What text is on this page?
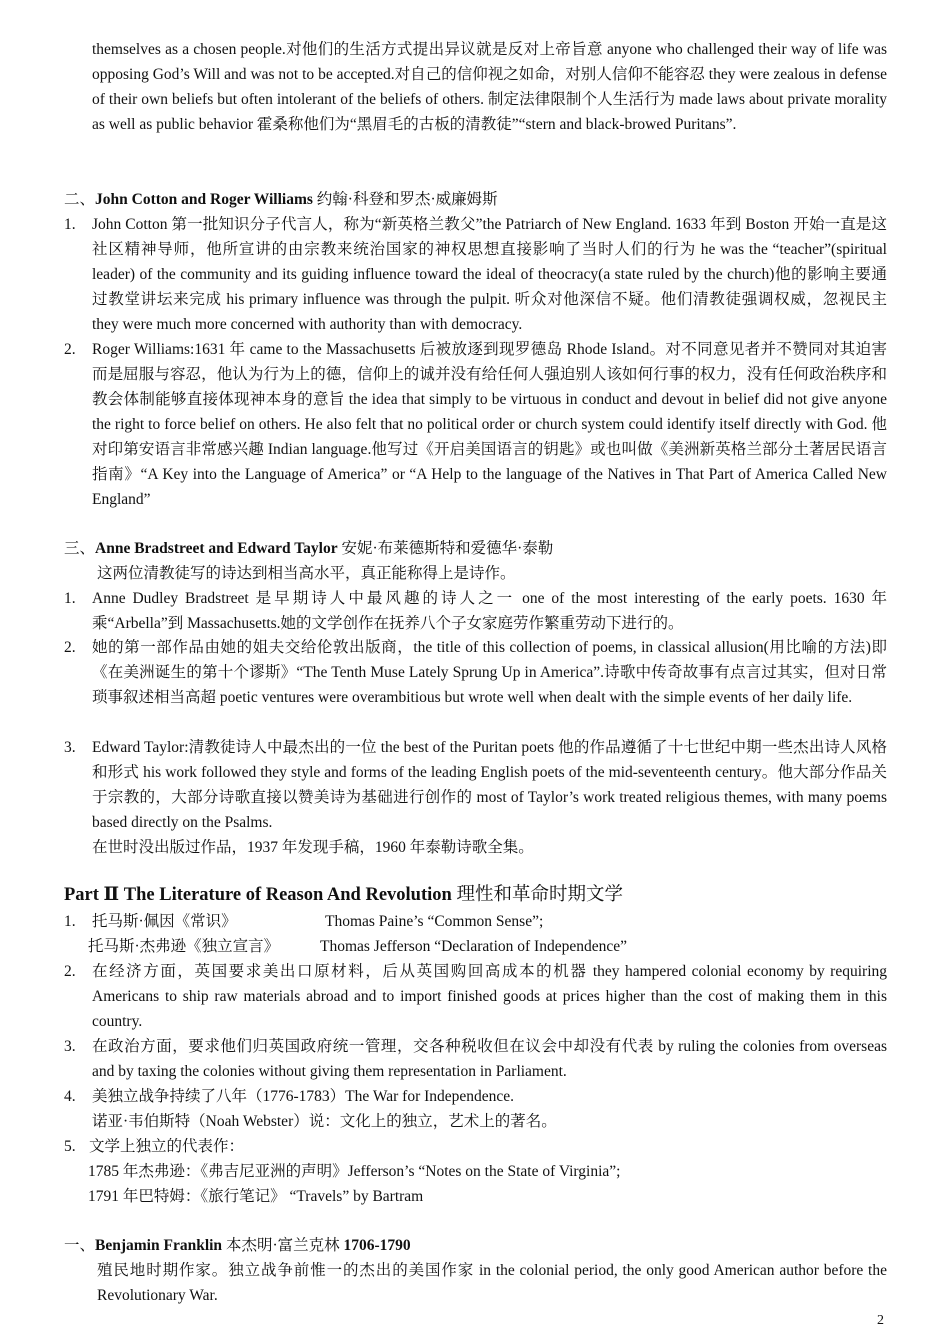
themselves as a chosen people.对他们的生活方式提出异议就是反对上帝旨意 anyone who challenged their way of life was opposing God’s Will and was not to be accepted.对自己的信仰视之如命，对别人信仰不能容忍 they were zealous in defense of their own beliefs but often intolerant of the beliefs of others. 制定法律限制个人生活行为 made laws about private morality as well as public behavior 霍桑称他们为“黑眉毛的古板的清教徒”“stern and black-browed Puritans”.
二、John Cotton and Roger Williams 约翰·科登和罗杰·威廉姆斯
1.	John Cotton 第一批知识分子代言人，称为“新英格兰教父”the Patriarch of New England. 1633 年到 Boston 开始一直是这社区精神导师，他所宣讲的由宗教来统治国家的神权思想直接影响了当时人们的行为 he was the “teacher”(spiritual leader) of the community and its guiding influence toward the ideal of theocracy(a state ruled by the church)他的影响主要通过教堂讲坛来完成 his primary influence was through the pulpit. 听众对他深信不疑。他们清教徒强调权威，忽视民主 they were much more concerned with authority than with democracy.
2.	Roger Williams:1631 年 came to the Massachusetts 后被放逐到现罗德岛 Rhode Island。对不同意见者并不赞同对其迫害而是屈服与容忍，他认为行为上的德，信仰上的诚并没有给任何人强迫别人该如何行事的权力，没有任何政治秩序和教会体制能够直接体现神本身的意旨 the idea that simply to be virtuous in conduct and devout in belief did not give anyone the right to force belief on others. He also felt that no political order or church system could identify itself directly with God. 他对印第安语言非常感兴趣 Indian language.他写过《开启美国语言的钥匙》或也叫做《美洲新英格兰部分土著居民语言指南》“A Key into the Language of America” or “A Help to the language of the Natives in That Part of America Called New England”
三、Anne Bradstreet and Edward Taylor 安妮·布莱德斯特和爱德华·泰勒
这两位清教徒写的诗达到相当高水平，真正能称得上是诗作。
1.	Anne Dudley Bradstreet 是早期诗人中最风趣的诗人之一 one of the most interesting of the early poets. 1630 年乘“Arbella”到 Massachusetts.她的文学创作在抚养八个子女家庭劳作繁重劳动下进行的。
2.	她的第一部作品由她的姐夫交给伦敦出版商，the title of this collection of poems, in classical allusion(用比喻的方法)即《在美洲诞生的第十个谬斯》“The Tenth Muse Lately Sprung Up in America”.诗歌中传奇故事有点言过其实，但对日常琐事叙述相当高超 poetic ventures were overambitious but wrote well when dealt with the simple events of her daily life.
3.	Edward Taylor:清教徒诗人中最杰出的一位 the best of the Puritan poets 他的作品遵循了十七世纪中期一些杰出诗人风格和形式 his work followed they style and forms of the leading English poets of the mid-seventeenth century。他大部分作品关于宗教的，大部分诗歌直接以赞美诗为基础进行创作的 most of Taylor’s work treated religious themes, with many poems based directly on the Psalms.
在世时没出版过作品，1937 年发现手稿，1960 年泰勒诗歌全集。
Part Ⅱ The Literature of Reason And Revolution 理性和革命时期文学
1. 托马斯·佩因《常识》	Thomas Paine’s “Common Sense”;
托马斯·杰弗逊《独立宣言》	Thomas Jefferson “Declaration of Independence”
2.	在经济方面，英国要求美出口原材料，后从英国购回高成本的机器 they hampered colonial economy by requiring Americans to ship raw materials abroad and to import finished goods at prices higher than the cost of making them in this country.
3.	在政治方面，要求他们归英国政府统一管理，交各种税收但在议会中却没有代表 by ruling the colonies from overseas and by taxing the colonies without giving them representation in Parliament.
4. 美独立战争持续了八年（1776-1783）The War for Independence.
诺亚·韦伯斯特（Noah Webster）说：文化上的独立，艺术上的著名。
5. 文学上独立的代表作：
1785 年杰弗逊：《弗吉尼亚洲的声明》Jefferson’s “Notes on the State of Virginia”;
1791 年巴特姆：《旅行笔记》 “Travels” by Bartram
一、Benjamin Franklin 本杰明·富兰克林 1706-1790
殖民地时期作家。独立战争前惟一的杰出的美国作家 in the colonial period, the only good American author before the Revolutionary War.
2
